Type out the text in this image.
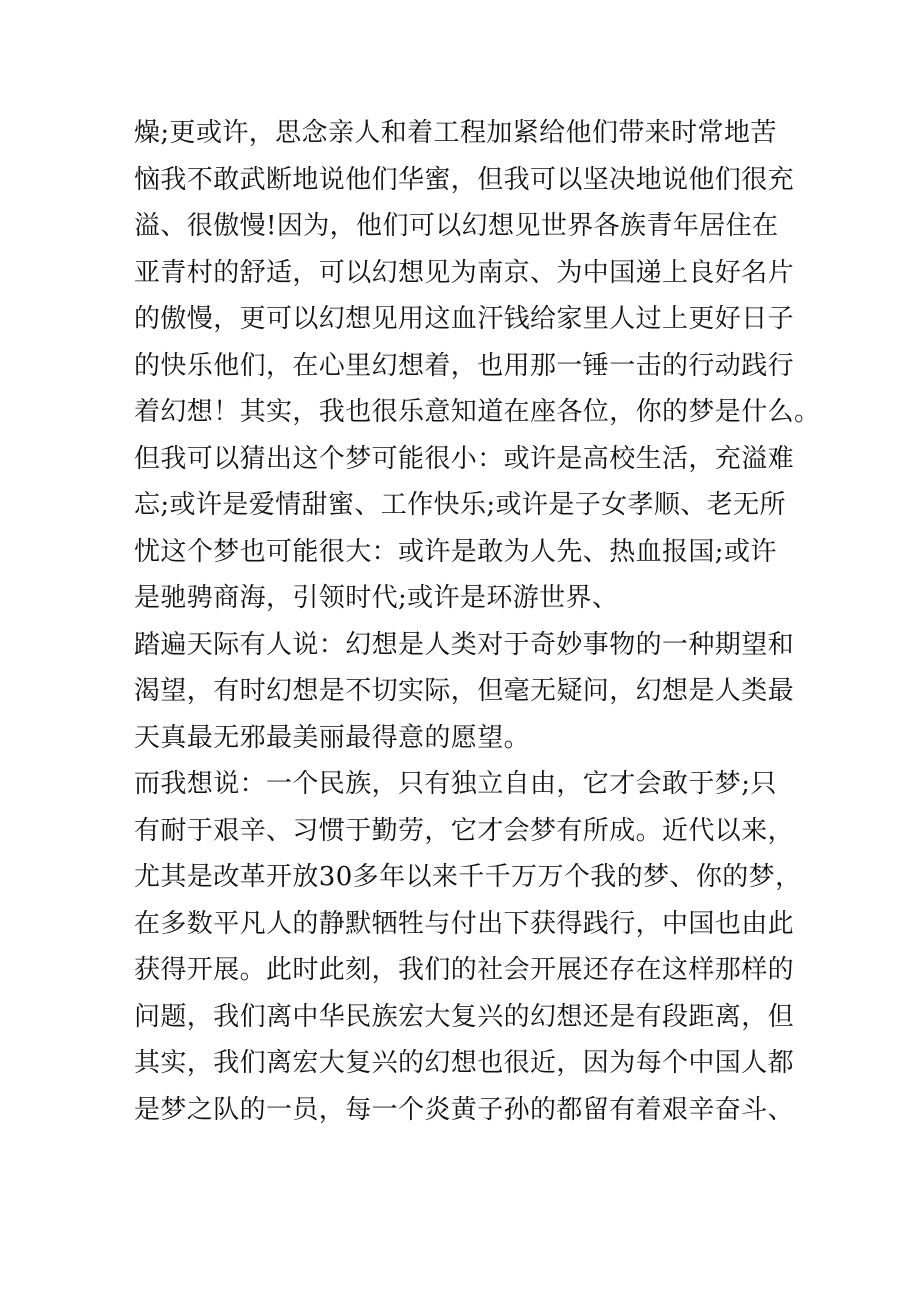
燥;更或许，思念亲人和着工程加紧给他们带来时常地苦
恼我不敢武断地说他们华蜜，但我可以坚决地说他们很充
溢、很傲慢!因为，他们可以幻想见世界各族青年居住在
亚青村的舒适，可以幻想见为南京、为中国递上良好名片
的傲慢，更可以幻想见用这血汗钱给家里人过上更好日子
的快乐他们，在心里幻想着，也用那一锤一击的行动践行
着幻想！其实，我也很乐意知道在座各位，你的梦是什么。
但我可以猜出这个梦可能很小：或许是高校生活，充溢难
忘;或许是爱情甜蜜、工作快乐;或许是子女孝顺、老无所
忧这个梦也可能很大：或许是敢为人先、热血报国;或许
是驰骋商海，引领时代;或许是环游世界、
踏遍天际有人说：幻想是人类对于奇妙事物的一种期望和
渴望，有时幻想是不切实际，但毫无疑问，幻想是人类最
天真最无邪最美丽最得意的愿望。
而我想说：一个民族，只有独立自由，它才会敢于梦;只
有耐于艰辛、习惯于勤劳，它才会梦有所成。近代以来，
尤其是改革开放30多年以来千千万万个我的梦、你的梦，
在多数平凡人的静默牺牲与付出下获得践行，中国也由此
获得开展。此时此刻，我们的社会开展还存在这样那样的
问题，我们离中华民族宏大复兴的幻想还是有段距离，但
其实，我们离宏大复兴的幻想也很近，因为每个中国人都
是梦之队的一员，每一个炎黄子孙的都留有着艰辛奋斗、
